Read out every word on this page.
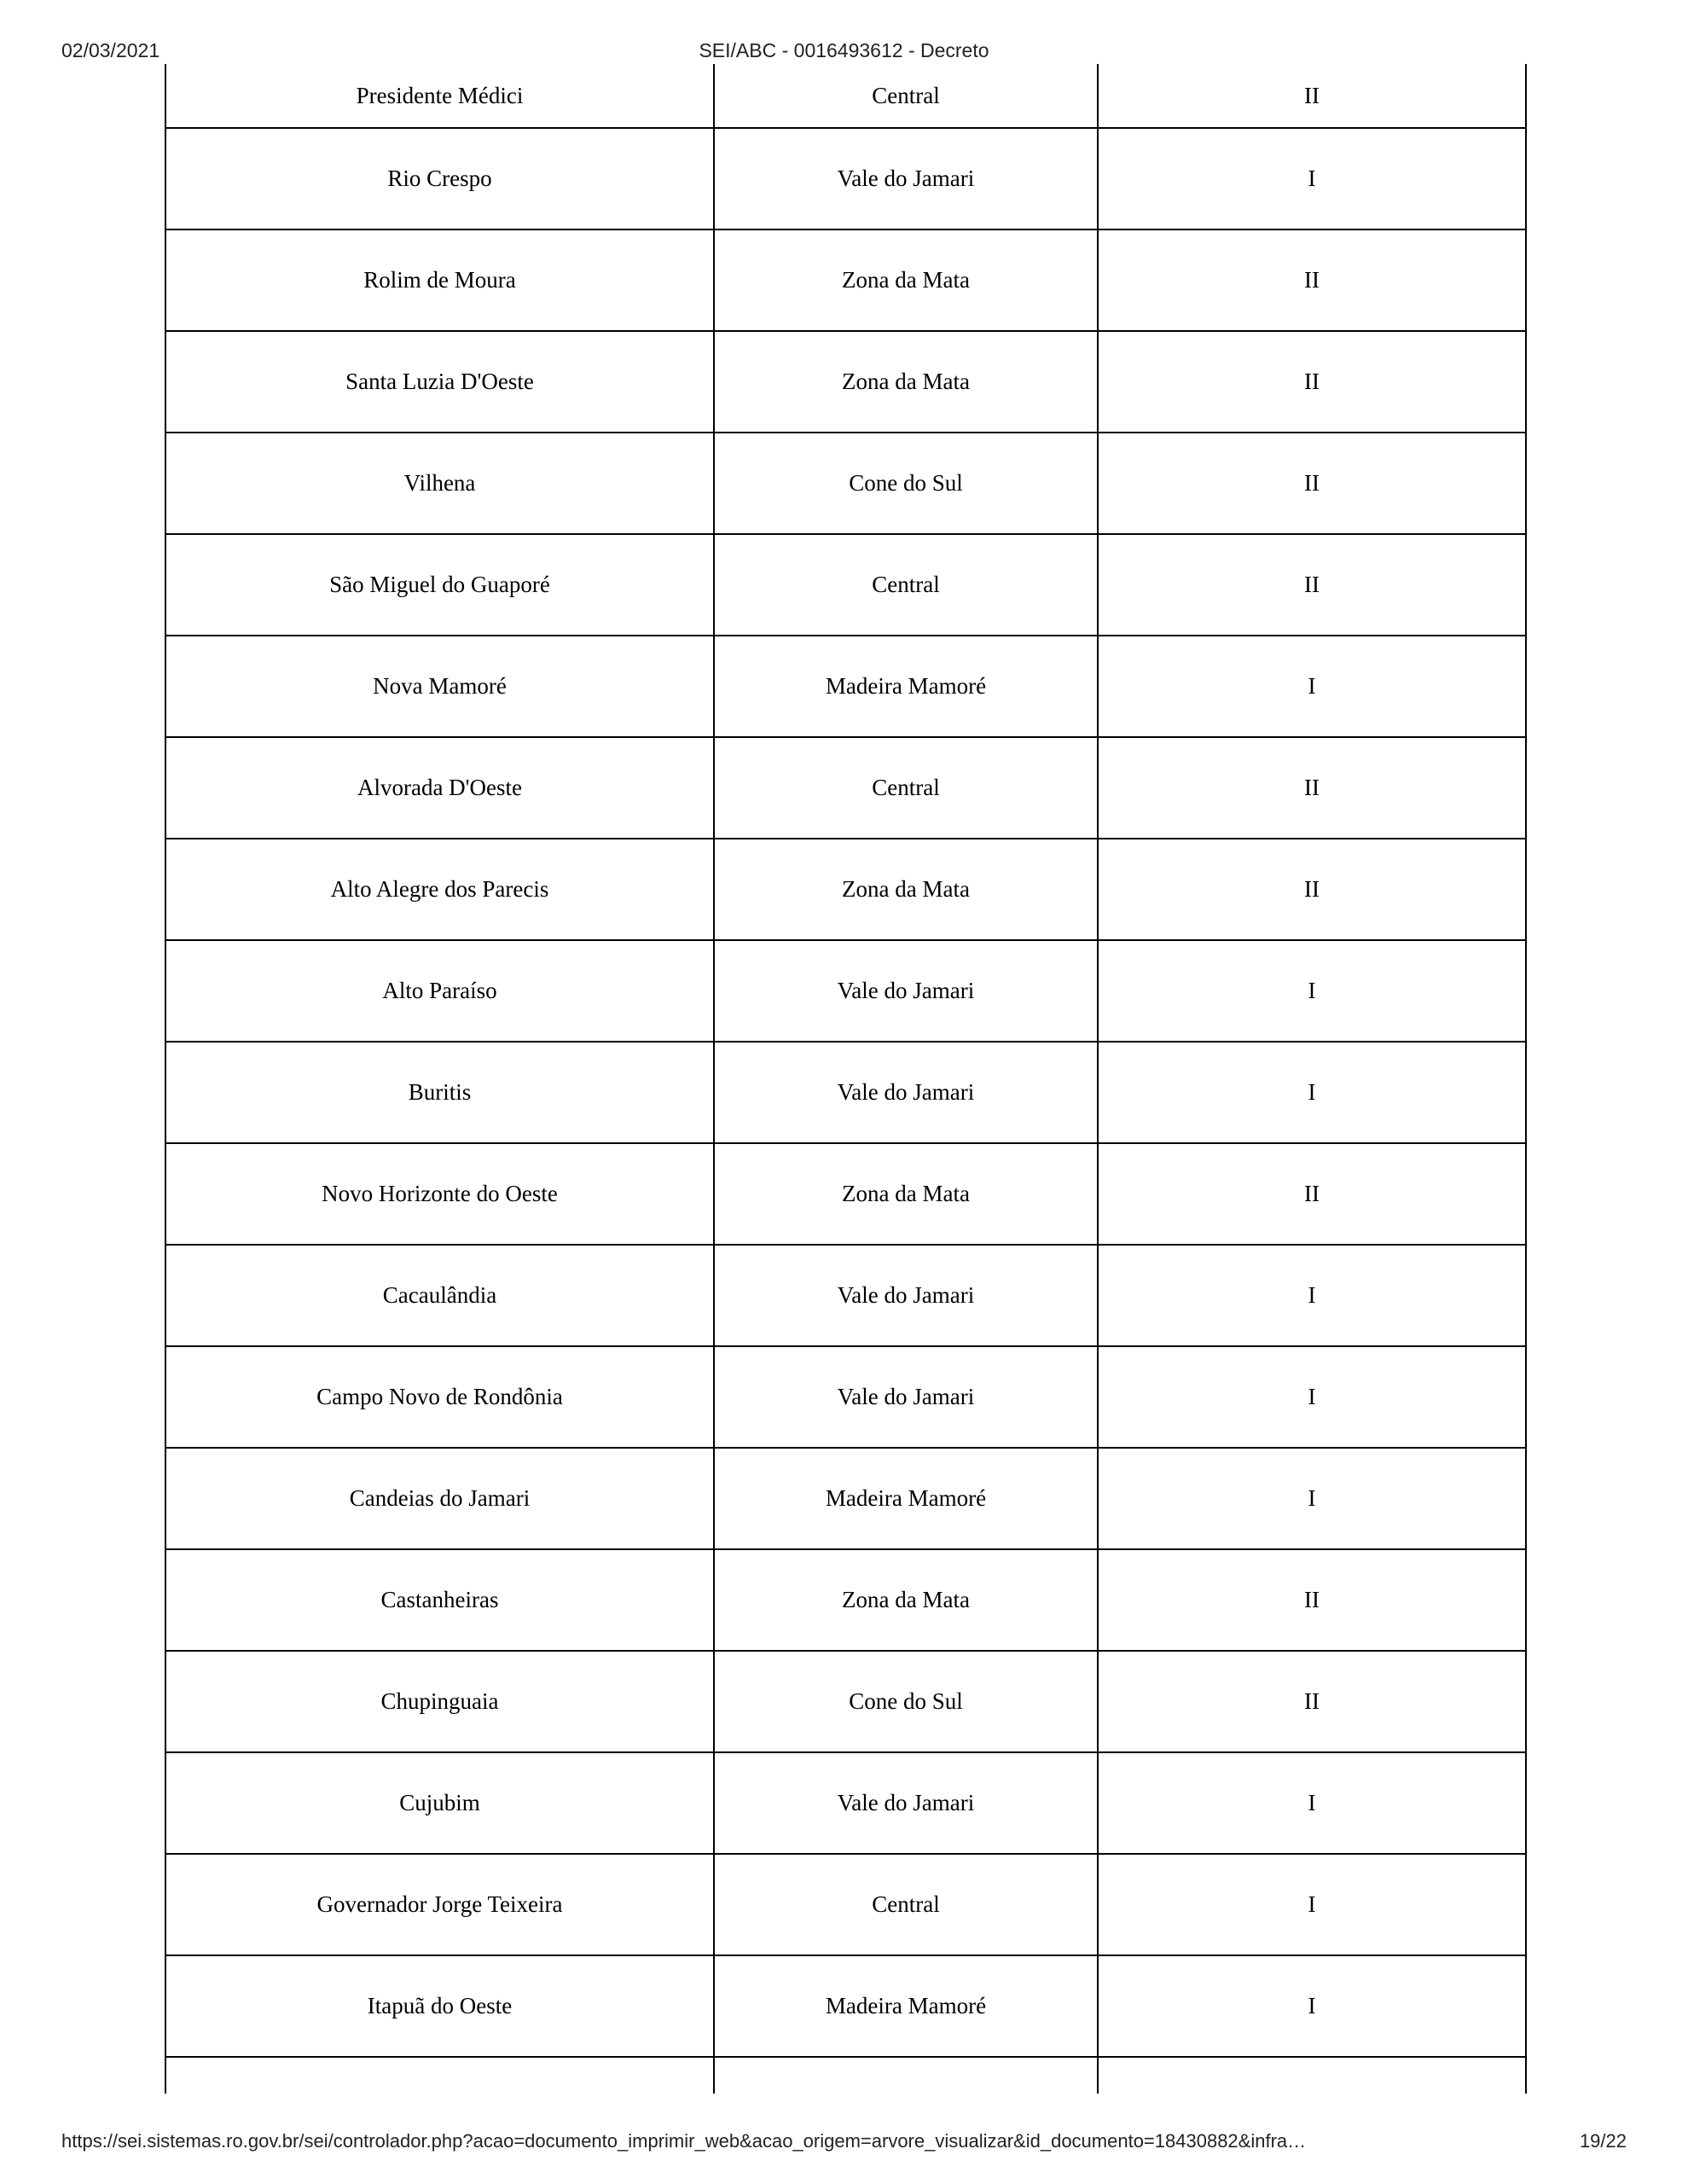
02/03/2021	SEI/ABC - 0016493612 - Decreto
Presidente Médici	Central	II
Rio Crespo	Vale do Jamari	I
Rolim de Moura	Zona da Mata	II
Santa Luzia D'Oeste	Zona da Mata	II
Vilhena	Cone do Sul	II
São Miguel do Guaporé	Central	II
Nova Mamoré	Madeira Mamoré	I
Alvorada D'Oeste	Central	II
Alto Alegre dos Parecis	Zona da Mata	II
Alto Paraíso	Vale do Jamari	I
Buritis	Vale do Jamari	I
Novo Horizonte do Oeste	Zona da Mata	II
Cacaulândia	Vale do Jamari	I
Campo Novo de Rondônia	Vale do Jamari	I
Candeias do Jamari	Madeira Mamoré	I
Castanheiras	Zona da Mata	II
Chupinguaia	Cone do Sul	II
Cujubim	Vale do Jamari	I
Governador Jorge Teixeira	Central	I
Itapuã do Oeste	Madeira Mamoré	I

https://sei.sistemas.ro.gov.br/sei/controlador.php?acao=documento_imprimir_web&acao_origem=arvore_visualizar&id_documento=18430882&infra…	19/22
